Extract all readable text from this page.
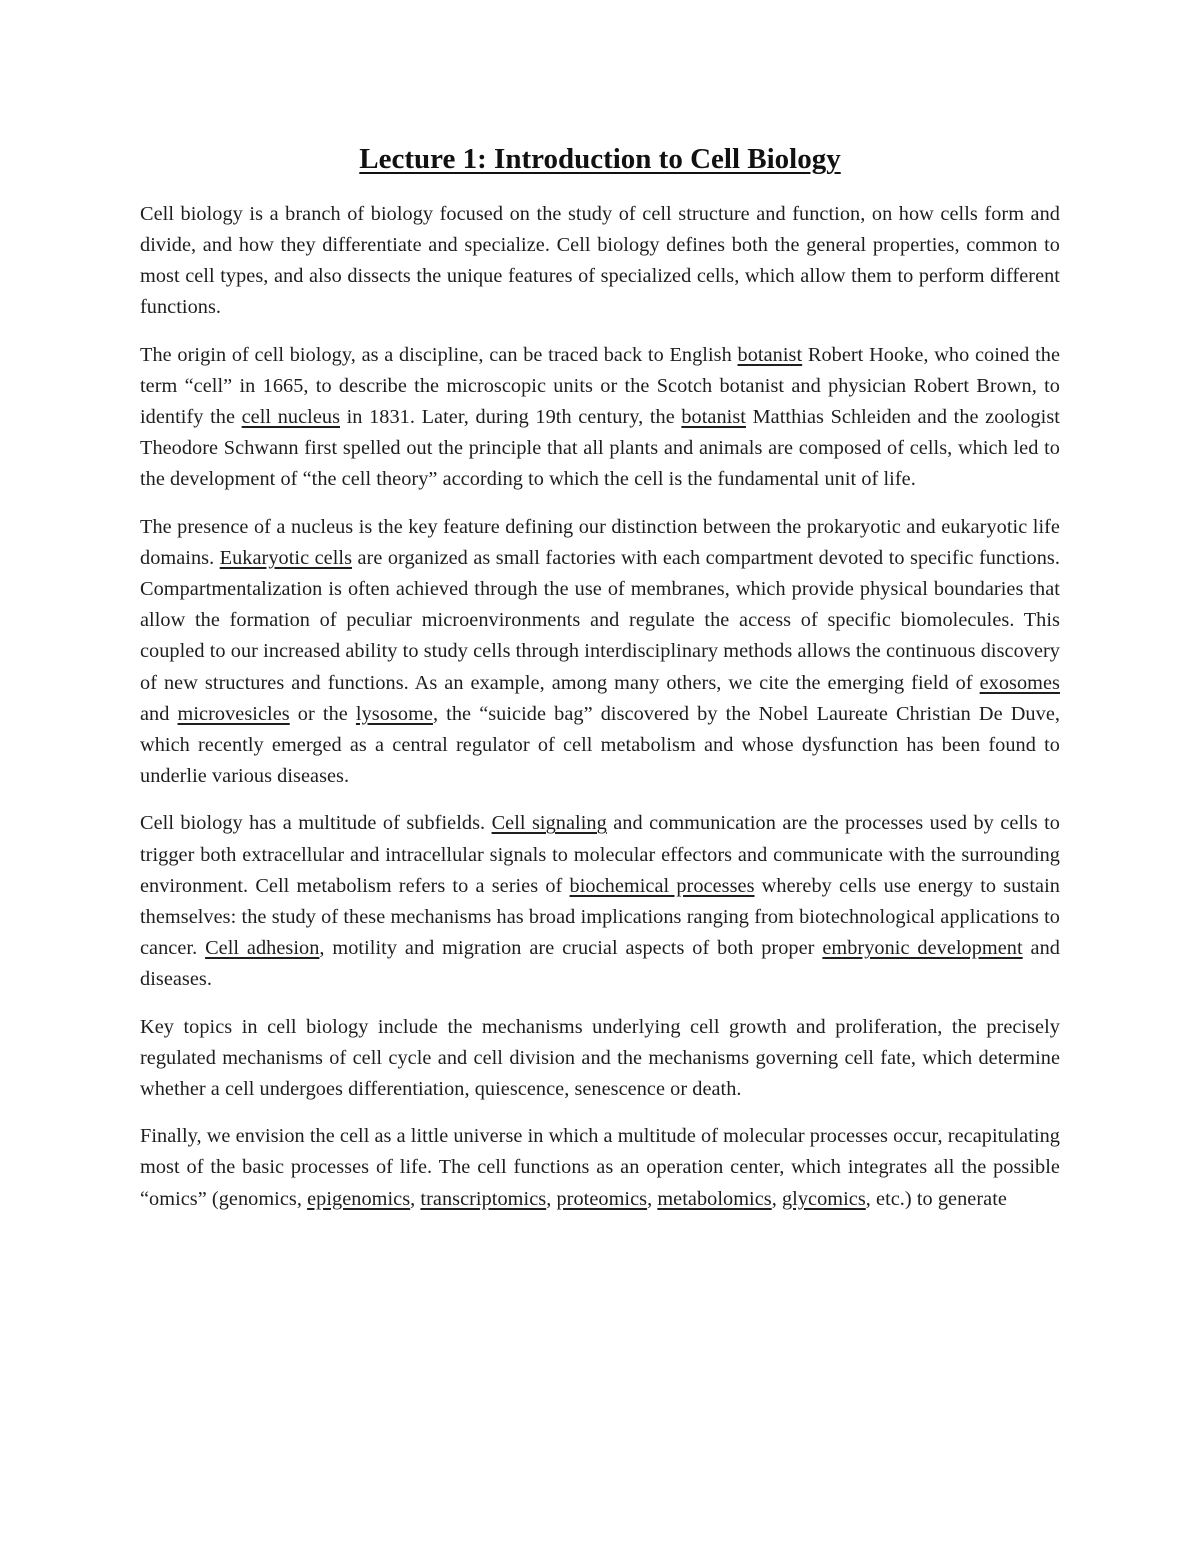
Lecture 1: Introduction to Cell Biology

Cell biology is a branch of biology focused on the study of cell structure and function, on how cells form and divide, and how they differentiate and specialize. Cell biology defines both the general properties, common to most cell types, and also dissects the unique features of specialized cells, which allow them to perform different functions.

The origin of cell biology, as a discipline, can be traced back to English botanist Robert Hooke, who coined the term “cell” in 1665, to describe the microscopic units or the Scotch botanist and physician Robert Brown, to identify the cell nucleus in 1831. Later, during 19th century, the botanist Matthias Schleiden and the zoologist Theodore Schwann first spelled out the principle that all plants and animals are composed of cells, which led to the development of “the cell theory” according to which the cell is the fundamental unit of life.

The presence of a nucleus is the key feature defining our distinction between the prokaryotic and eukaryotic life domains. Eukaryotic cells are organized as small factories with each compartment devoted to specific functions. Compartmentalization is often achieved through the use of membranes, which provide physical boundaries that allow the formation of peculiar microenvironments and regulate the access of specific biomolecules. This coupled to our increased ability to study cells through interdisciplinary methods allows the continuous discovery of new structures and functions. As an example, among many others, we cite the emerging field of exosomes and microvesicles or the lysosome, the “suicide bag” discovered by the Nobel Laureate Christian De Duve, which recently emerged as a central regulator of cell metabolism and whose dysfunction has been found to underlie various diseases.

Cell biology has a multitude of subfields. Cell signaling and communication are the processes used by cells to trigger both extracellular and intracellular signals to molecular effectors and communicate with the surrounding environment. Cell metabolism refers to a series of biochemical processes whereby cells use energy to sustain themselves: the study of these mechanisms has broad implications ranging from biotechnological applications to cancer. Cell adhesion, motility and migration are crucial aspects of both proper embryonic development and diseases.

Key topics in cell biology include the mechanisms underlying cell growth and proliferation, the precisely regulated mechanisms of cell cycle and cell division and the mechanisms governing cell fate, which determine whether a cell undergoes differentiation, quiescence, senescence or death.

Finally, we envision the cell as a little universe in which a multitude of molecular processes occur, recapitulating most of the basic processes of life. The cell functions as an operation center, which integrates all the possible “omics” (genomics, epigenomics, transcriptomics, proteomics, metabolomics, glycomics, etc.) to generate
